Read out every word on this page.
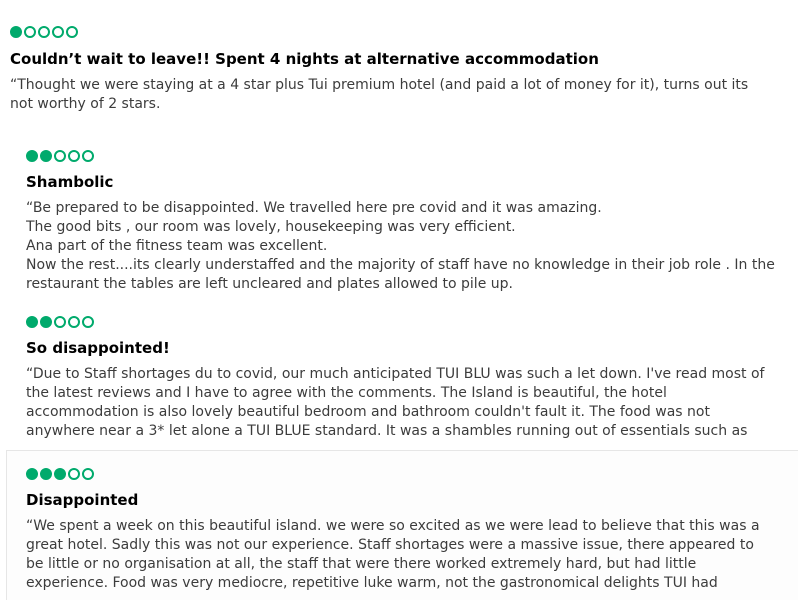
Couldn’t wait to leave!! Spent 4 nights at alternative accommodation
“Thought we were staying at a 4 star plus Tui premium hotel (and paid a lot of money for it), turns out its
not worthy of 2 stars.
Shambolic
“Be prepared to be disappointed. We travelled here pre covid and it was amazing.
The good bits , our room was lovely, housekeeping was very efficient.
Ana part of the fitness team was excellent.
Now the rest....its clearly understaffed and the majority of staff have no knowledge in their job role . In the
restaurant the tables are left uncleared and plates allowed to pile up.
So disappointed!
“Due to Staff shortages du to covid, our much anticipated TUI BLU was such a let down. I've read most of
the latest reviews and I have to agree with the comments. The Island is beautiful, the hotel
accommodation is also lovely beautiful bedroom and bathroom couldn't fault it. The food was not
anywhere near a 3* let alone a TUI BLUE standard. It was a shambles running out of essentials such as
Disappointed
“We spent a week on this beautiful island. we were so excited as we were lead to believe that this was a
great hotel. Sadly this was not our experience. Staff shortages were a massive issue, there appeared to
be little or no organisation at all, the staff that were there worked extremely hard, but had little
experience. Food was very mediocre, repetitive luke warm, not the gastronomical delights TUI had
